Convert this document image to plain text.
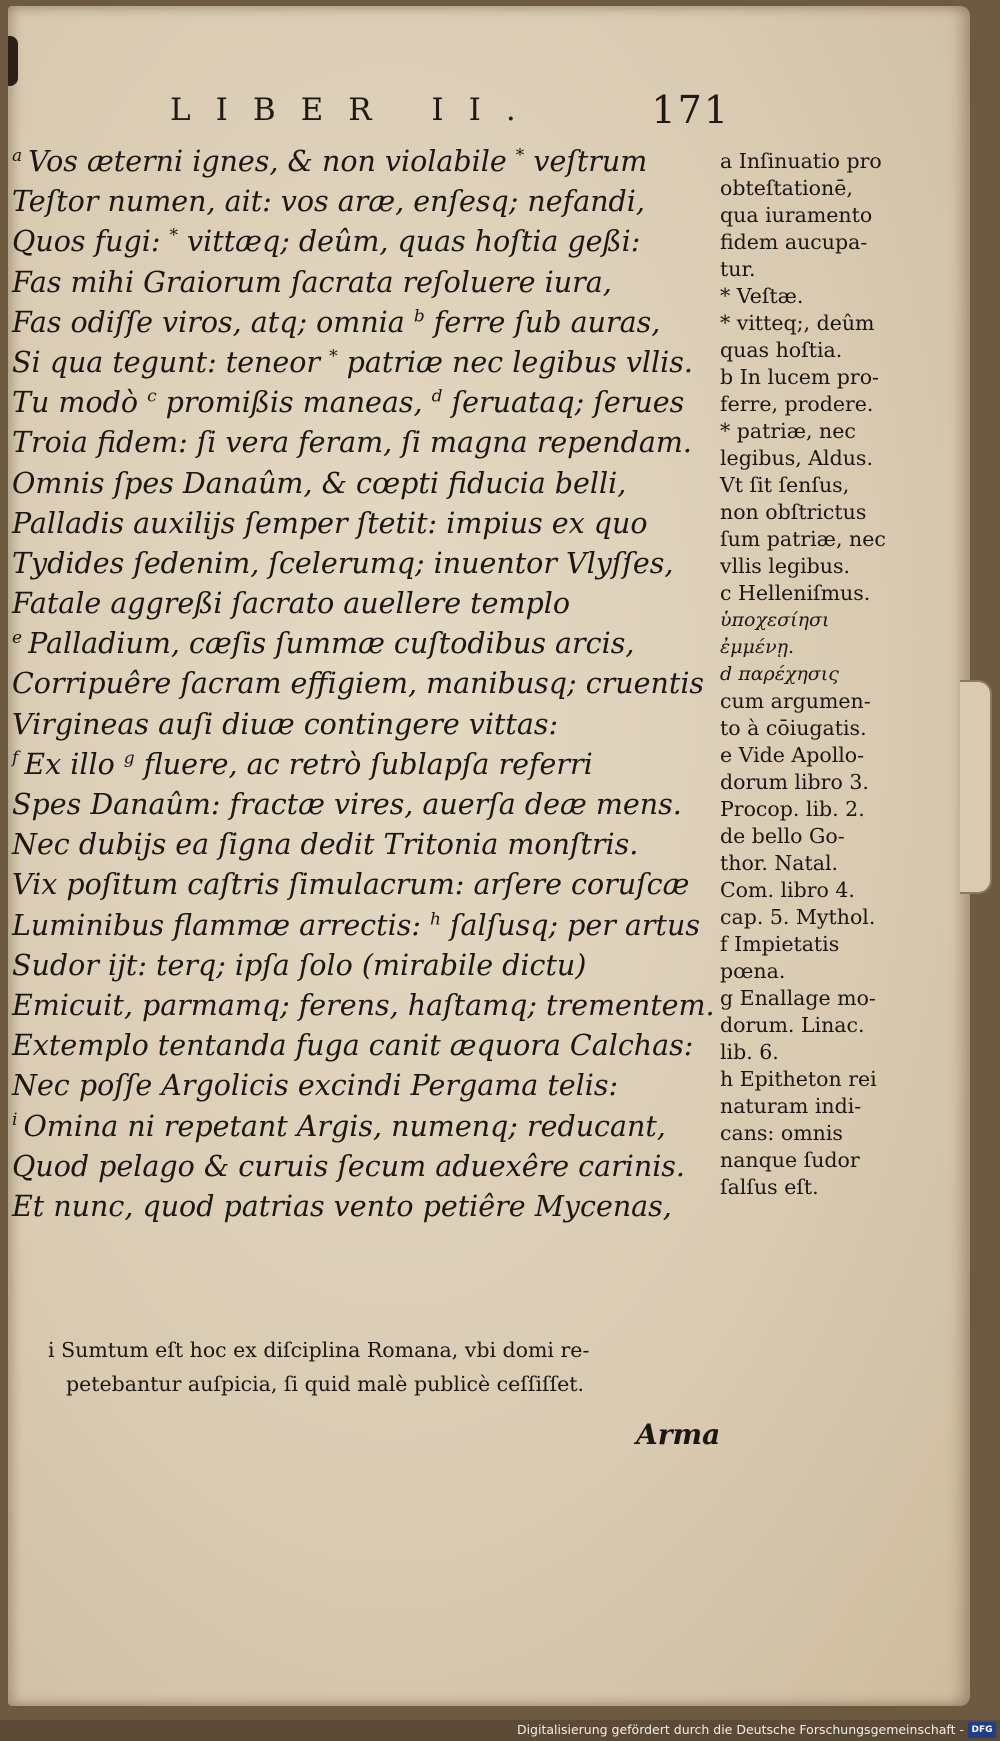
LIBER II.	171
$^a$ Vos æterni ignes, & non violabile * veſtrum
Teſtor numen, ait: vos aræ, enſesq; nefandi,
Quos fugi: * vittæq; deûm, quas hoſtia geßi:
Fas mihi Graiorum ſacrata reſoluere iura,
Fas odiſſe viros, atq; omnia $^b$ ferre ſub auras,
Si qua tegunt: teneor * patriæ nec legibus vllis.
Tu modò $^c$ promißis maneas, $^d$ ſeruataq; ſerues
Troia fidem: ſi vera feram, ſi magna rependam.
Omnis ſpes Danaûm, & cœpti fiducia belli,
Palladis auxilijs ſemper ſtetit: impius ex quo
Tydides ſedenim, ſcelerumq; inuentor Vlyſſes,
Fatale aggreßi ſacrato auellere templo
$^e$ Palladium, cæſis ſummæ cuſtodibus arcis,
Corripuêre ſacram effigiem, manibusq; cruentis
Virgineas auſi diuæ contingere vittas:
$^f$ Ex illo $^g$ fluere, ac retrò ſublapſa referri
Spes Danaûm: fractæ vires, auerſa deæ mens.
Nec dubijs ea ſigna dedit Tritonia monſtris.
Vix poſitum caſtris ſimulacrum: arſere coruſcæ
Luminibus flammæ arrectis: $^h$ ſalſusq; per artus
Sudor ijt: terq; ipſa ſolo (mirabile dictu)
Emicuit, parmamq; ferens, haſtamq; trementem.
Extemplo tentanda fuga canit æquora Calchas:
Nec poſſe Argolicis excindi Pergama telis:
$^i$ Omina ni repetant Argis, numenq; reducant,
Quod pelago & curuis ſecum aduexêre carinis.
Et nunc, quod patrias vento petiêre Mycenas,
a Inſinuatio pro
obteſtationē,
qua iuramento
fidem aucupa-
tur.
* Veſtæ.
* vitteq;, deûm
quas hoſtia.
b In lucem pro-
ferre, prodere.
* patriæ, nec
legibus, Aldus.
Vt ſit ſenſus,
non obſtrictus
ſum patriæ, nec
vllis legibus.
c Helleniſmus.
ὑποχεσίησι
ἐμμένῃ.
d παρέχησις
cum argumen-
to à cōiugatis.
e Vide Apollo-
dorum libro 3.
Procop. lib. 2.
de bello Go-
thor. Natal.
Com. libro 4.
cap. 5. Mythol.
f Impietatis
pœna.
g Enallage mo-
dorum. Linac.
lib. 6.
h Epitheton rei
naturam indi-
cans: omnis
nanque ſudor
ſalſus eſt.
i Sumtum eſt hoc ex diſciplina Romana, vbi domi re-
petebantur auſpicia, ſi quid malè publicè ceſſiſſet.
Arma
Digitalisierung gefördert durch die Deutsche Forschungsgemeinschaft - DFG
